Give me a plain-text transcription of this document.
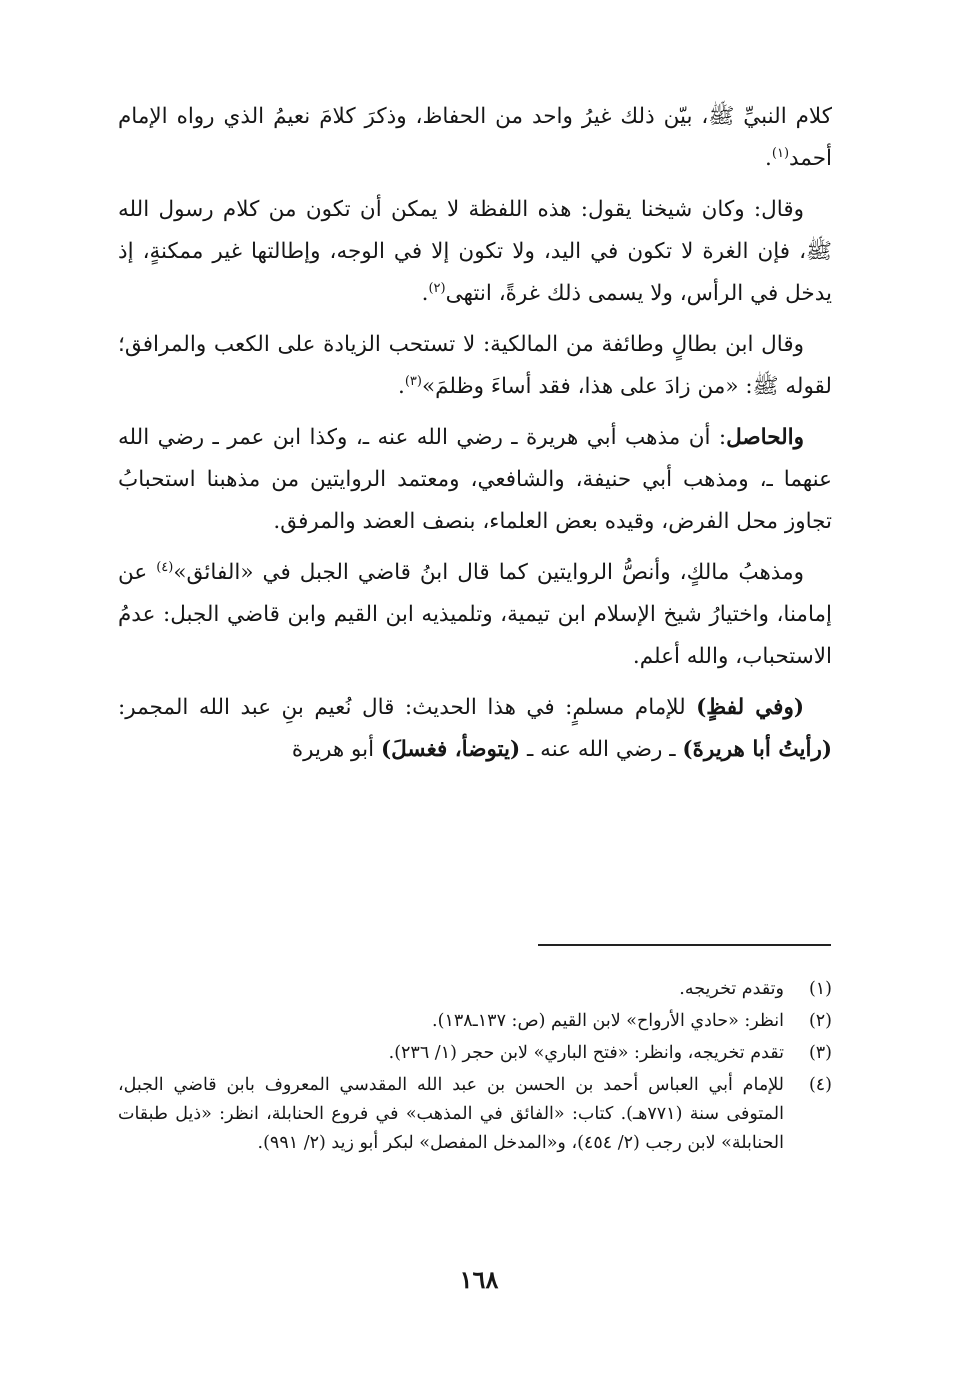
كلام النبيِّ ﷺ، بيّن ذلك غيرُ واحد من الحفاظ، وذكرَ كلامَ نعيمُ الذي رواه الإمام أحمد$^{(١)}$.

وقال: وكان شيخنا يقول: هذه اللفظة لا يمكن أن تكون من كلام رسول الله ﷺ، فإن الغرة لا تكون في اليد، ولا تكون إلا في الوجه، وإطالتها غير ممكنةٍ، إذ يدخل في الرأس، ولا يسمى ذلك غرةً، انتهى$^{(٢)}$.

وقال ابن بطالٍ وطائفة من المالكية: لا تستحب الزيادة على الكعب والمرافق؛ لقوله ﷺ: «من زادَ على هذا، فقد أساءَ وظلمَ»$^{(٣)}$.

والحاصل: أن مذهب أبي هريرة ـ رضي الله عنه ـ، وكذا ابن عمر ـ رضي الله عنهما ـ، ومذهب أبي حنيفة، والشافعي، ومعتمد الروايتين من مذهبنا استحبابُ تجاوز محل الفرض، وقيده بعض العلماء، بنصف العضد والمرفق.

ومذهبُ مالكٍ، وأنصُّ الروايتين كما قال ابنُ قاضي الجبل في «الفائق»$^{(٤)}$ عن إمامنا، واختيارُ شيخ الإسلام ابن تيمية، وتلميذيه ابن القيم وابن قاضي الجبل: عدمُ الاستحباب، والله أعلم.

(وفي لفظٍ) للإمام مسلمٍ: في هذا الحديث: قال نُعيم بنِ عبد الله المجمر: (رأيتُ أبا هريرةَ) ـ رضي الله عنه ـ (يتوضأ، فغسلَ) أبو هريرة

(١)
وتقدم تخريجه.
(٢)
انظر: «حادي الأرواح» لابن القيم (ص: ١٣٧ـ١٣٨).
(٣)
تقدم تخريجه، وانظر: «فتح الباري» لابن حجر (١/ ٢٣٦).
(٤)
للإمام أبي العباس أحمد بن الحسن بن عبد الله المقدسي المعروف بابن قاضي الجبل، المتوفى سنة (٧٧١هـ). كتاب: «الفائق في المذهب» في فروع الحنابلة، انظر: «ذيل طبقات الحنابلة» لابن رجب (٢/ ٤٥٤)، و«المدخل المفصل» لبكر أبو زيد (٢/ ٩٩١).
١٦٨
